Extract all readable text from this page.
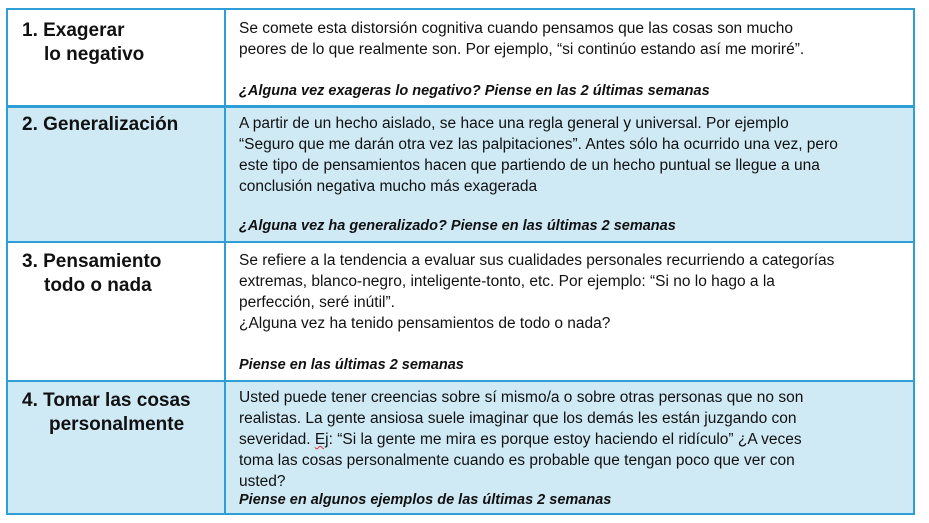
1. Exagerar
lo negativo
Se comete esta distorsión cognitiva cuando pensamos que las cosas son mucho
peores de lo que realmente son. Por ejemplo, “si continúo estando así me moriré”.
¿Alguna vez exageras lo negativo? Piense en las 2 últimas semanas
2. Generalización	A partir de un hecho aislado, se hace una regla general y universal. Por ejemplo
“Seguro que me darán otra vez las palpitaciones”. Antes sólo ha ocurrido una vez, pero
este tipo de pensamientos hacen que partiendo de un hecho puntual se llegue a una
conclusión negativa mucho más exagerada
¿Alguna vez ha generalizado? Piense en las últimas 2 semanas
3. Pensamiento
todo o nada
Se refiere a la tendencia a evaluar sus cualidades personales recurriendo a categorías
extremas, blanco-negro, inteligente-tonto, etc. Por ejemplo: “Si no lo hago a la
perfección, seré inútil”.
¿Alguna vez ha tenido pensamientos de todo o nada?
Piense en las últimas 2 semanas
4. Tomar las cosas
personalmente
Usted puede tener creencias sobre sí mismo/a o sobre otras personas que no son
realistas. La gente ansiosa suele imaginar que los demás les están juzgando con
severidad. Ej: “Si la gente me mira es porque estoy haciendo el ridículo” ¿A veces
toma las cosas personalmente cuando es probable que tengan poco que ver con
usted?
Piense en algunos ejemplos de las últimas 2 semanas
